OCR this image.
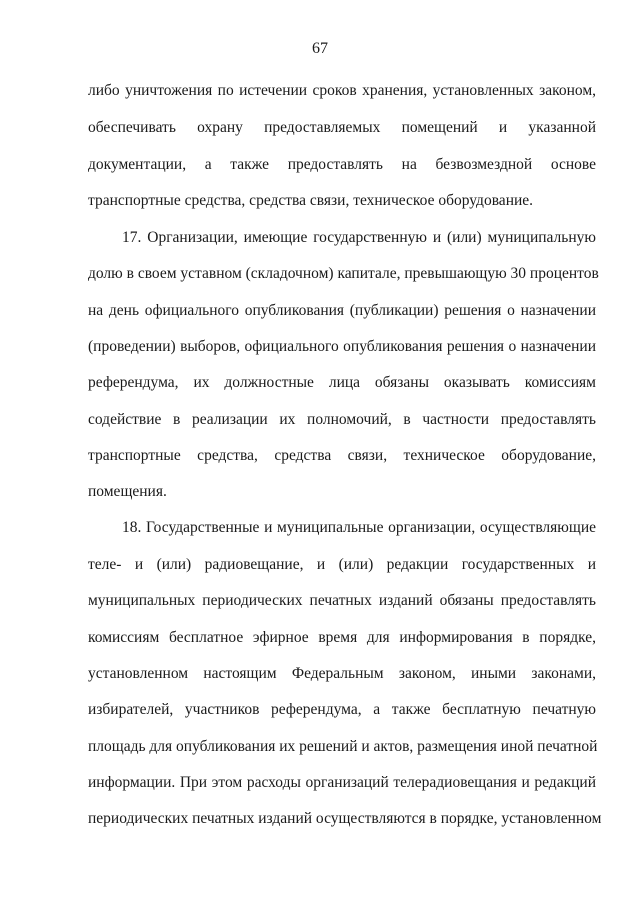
67
либо уничтожения по истечении сроков хранения, установленных законом,
обеспечивать охрану предоставляемых помещений и указанной
документации, а также предоставлять на безвозмездной основе
транспортные средства, средства связи, техническое оборудование.
17. Организации, имеющие государственную и (или) муниципальную
долю в своем уставном (складочном) капитале, превышающую 30 процентов
на день официального опубликования (публикации) решения о назначении
(проведении) выборов, официального опубликования решения о назначении
референдума, их должностные лица обязаны оказывать комиссиям
содействие в реализации их полномочий, в частности предоставлять
транспортные средства, средства связи, техническое оборудование,
помещения.
18. Государственные и муниципальные организации, осуществляющие
теле- и (или) радиовещание, и (или) редакции государственных и
муниципальных периодических печатных изданий обязаны предоставлять
комиссиям бесплатное эфирное время для информирования в порядке,
установленном настоящим Федеральным законом, иными законами,
избирателей, участников референдума, а также бесплатную печатную
площадь для опубликования их решений и актов, размещения иной печатной
информации. При этом расходы организаций телерадиовещания и редакций
периодических печатных изданий осуществляются в порядке, установленном
